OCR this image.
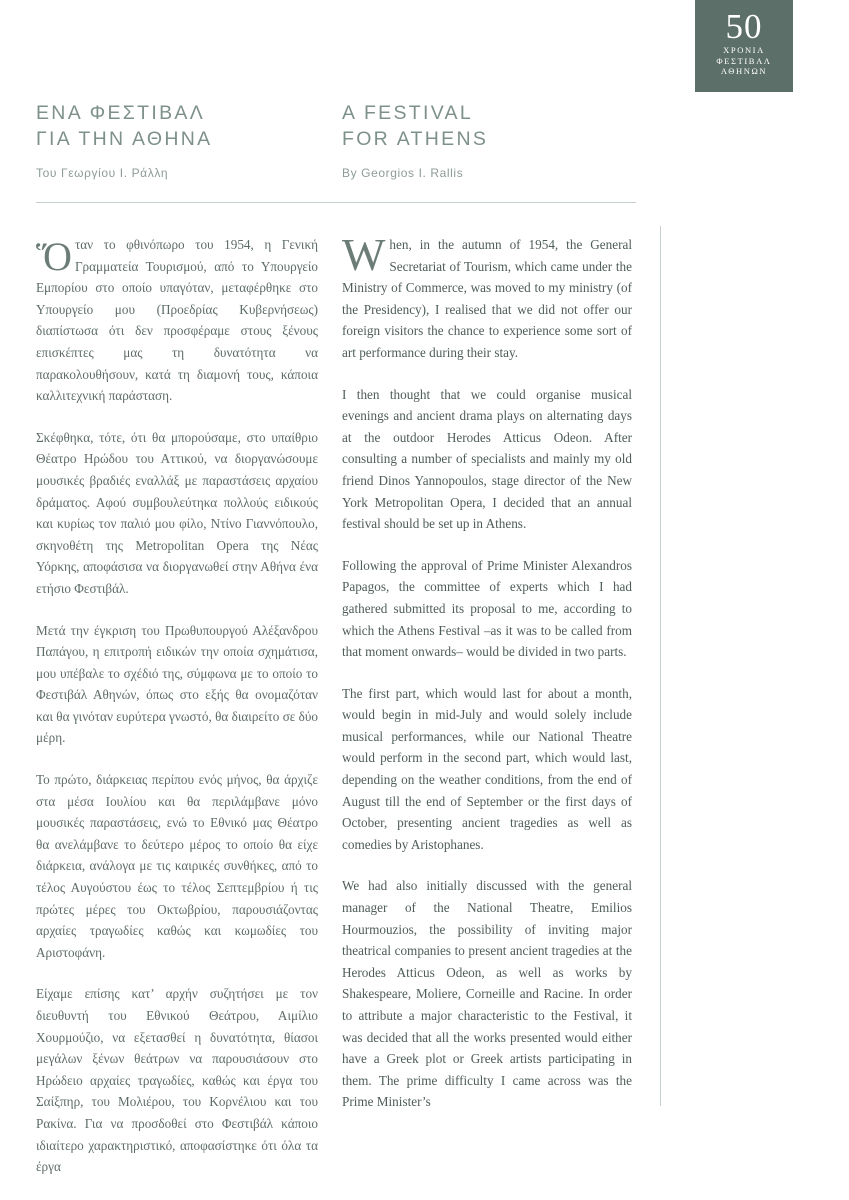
50
ΧΡΟΝΙΑ
ΦΕΣΤΙΒΑΛ
ΑΘΗΝΩΝ
ΕΝΑ ΦΕΣΤΙΒΑΛ
ΓΙΑ ΤΗΝ ΑΘΗΝΑ
Του Γεωργίου Ι. Ράλλη
A FESTIVAL
FOR ATHENS
By Georgios I. Rallis

Ὅταν το φθινόπωρο του 1954, η Γενική Γραμματεία Τουρισμού, από το Υπουργείο Εμπορίου στο οποίο υπαγόταν, μεταφέρθηκε στο Υπουργείο μου (Προεδρίας Κυβερνήσεως) διαπίστωσα ότι δεν προσφέραμε στους ξένους επισκέπτες μας τη δυνατότητα να παρακολουθήσουν, κατά τη διαμονή τους, κάποια καλλιτεχνική παράσταση.

Σκέφθηκα, τότε, ότι θα μπορούσαμε, στο υπαίθριο Θέατρο Ηρώδου του Αττικού, να διοργανώσουμε μουσικές βραδιές εναλλάξ με παραστάσεις αρχαίου δράματος. Αφού συμβουλεύτηκα πολλούς ειδικούς και κυρίως τον παλιό μου φίλο, Ντίνο Γιαννόπουλο, σκηνοθέτη της Metropolitan Opera της Νέας Υόρκης, αποφάσισα να διοργανωθεί στην Αθήνα ένα ετήσιο Φεστιβάλ.

Μετά την έγκριση του Πρωθυπουργού Αλέξανδρου Παπάγου, η επιτροπή ειδικών την οποία σχημάτισα, μου υπέβαλε το σχέδιό της, σύμφωνα με το οποίο το Φεστιβάλ Αθηνών, όπως στο εξής θα ονομαζόταν και θα γινόταν ευρύτερα γνωστό, θα διαιρείτο σε δύο μέρη.

Το πρώτο, διάρκειας περίπου ενός μήνος, θα άρχιζε στα μέσα Ιουλίου και θα περιλάμβανε μόνο μουσικές παραστάσεις, ενώ το Εθνικό μας Θέατρο θα ανελάμβανε το δεύτερο μέρος το οποίο θα είχε διάρκεια, ανάλογα με τις καιρικές συνθήκες, από το τέλος Αυγούστου έως το τέλος Σεπτεμβρίου ή τις πρώτες μέρες του Οκτωβρίου, παρουσιάζοντας αρχαίες τραγωδίες καθώς και κωμωδίες του Αριστοφάνη.

Είχαμε επίσης κατ’ αρχήν συζητήσει με τον διευθυντή του Εθνικού Θεάτρου, Αιμίλιο Χουρμούζιο, να εξετασθεί η δυνατότητα, θίασοι μεγάλων ξένων θεάτρων να παρουσιάσουν στο Ηρώδειο αρχαίες τραγωδίες, καθώς και έργα του Σαίξπηρ, του Μολιέρου, του Κορνέλιου και του Ρακίνα. Για να προσδοθεί στο Φεστιβάλ κάποιο ιδιαίτερο χαρακτηριστικό, αποφασίστηκε ότι όλα τα έργα

When, in the autumn of 1954, the General Secretariat of Tourism, which came under the Ministry of Commerce, was moved to my ministry (of the Presidency), I realised that we did not offer our foreign visitors the chance to experience some sort of art performance during their stay.

I then thought that we could organise musical evenings and ancient drama plays on alternating days at the outdoor Herodes Atticus Odeon. After consulting a number of specialists and mainly my old friend Dinos Yannopoulos, stage director of the New York Metropolitan Opera, I decided that an annual festival should be set up in Athens.

Following the approval of Prime Minister Alexandros Papagos, the committee of experts which I had gathered submitted its proposal to me, according to which the Athens Festival –as it was to be called from that moment onwards– would be divided in two parts.

The first part, which would last for about a month, would begin in mid-July and would solely include musical performances, while our National Theatre would perform in the second part, which would last, depending on the weather conditions, from the end of August till the end of September or the first days of October, presenting ancient tragedies as well as comedies by Aristophanes.

We had also initially discussed with the general manager of the National Theatre, Emilios Hourmouzios, the possibility of inviting major theatrical companies to present ancient tragedies at the Herodes Atticus Odeon, as well as works by Shakespeare, Moliere, Corneille and Racine. In order to attribute a major characteristic to the Festival, it was decided that all the works presented would either have a Greek plot or Greek artists participating in them. The prime difficulty I came across was the Prime Minister’s
